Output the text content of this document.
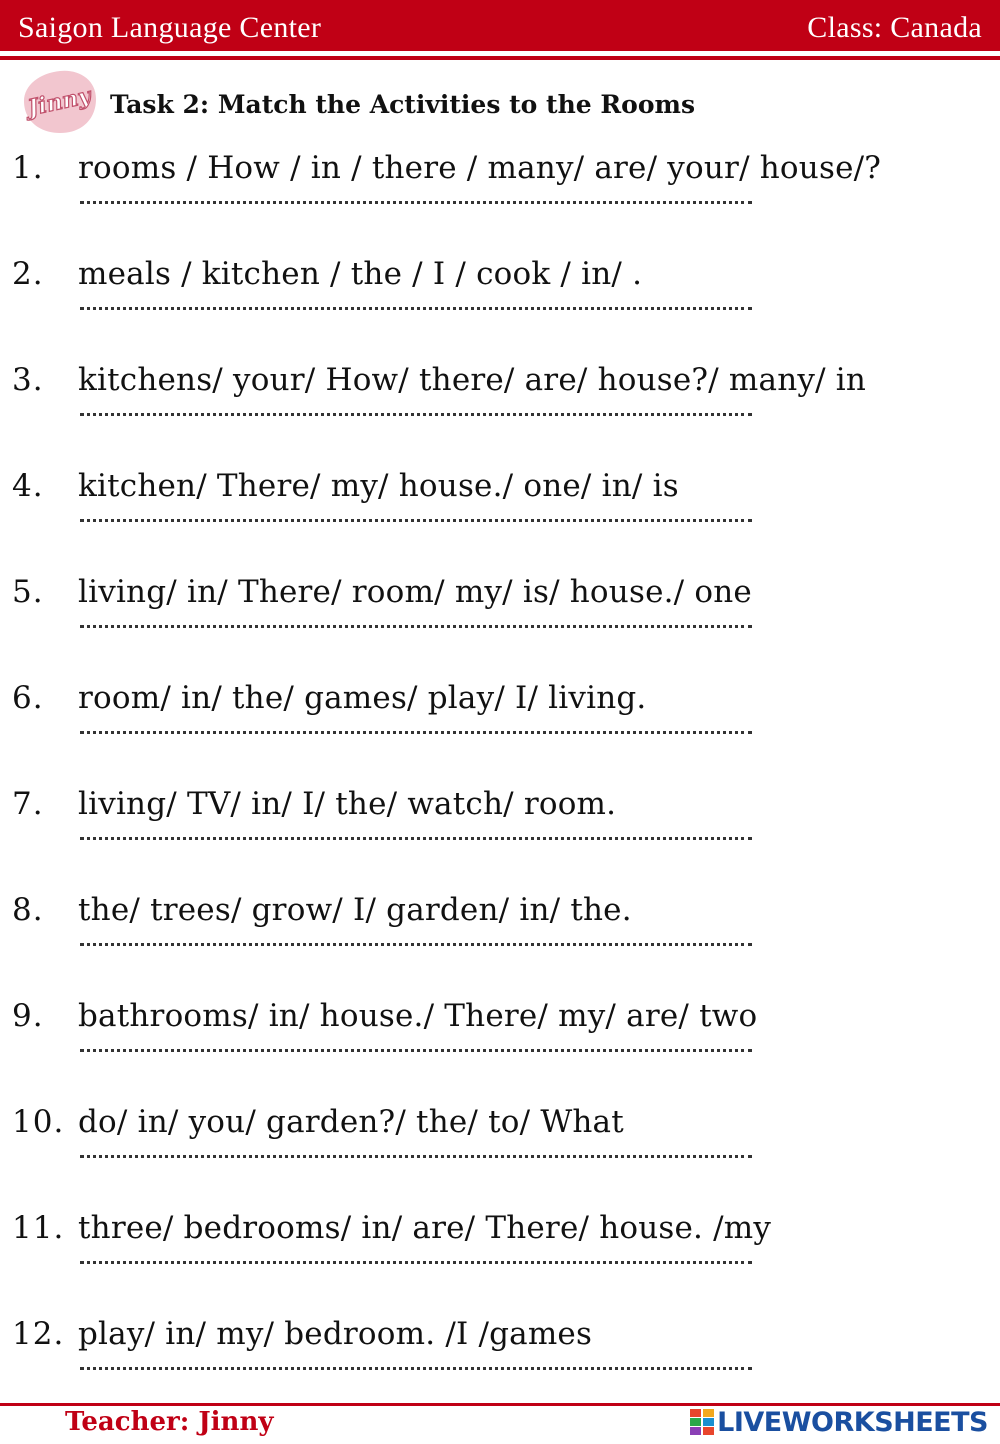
Saigon Language Center	Class: Canada
Jinny Task 2: Match the Activities to the Rooms
1. rooms / How / in / there / many/ are/ your/ house/?
2. meals / kitchen / the / I / cook / in/ .
3. kitchens/ your/ How/ there/ are/ house?/ many/ in
4. kitchen/ There/ my/ house./ one/ in/ is
5. living/ in/ There/ room/ my/ is/ house./ one
6. room/ in/ the/ games/ play/ I/ living.
7. living/ TV/ in/ I/ the/ watch/ room.
8. the/ trees/ grow/ I/ garden/ in/ the.
9. bathrooms/ in/ house./ There/ my/ are/ two
10. do/ in/ you/ garden?/ the/ to/ What
11. three/ bedrooms/ in/ are/ There/ house. /my
12. play/ in/ my/ bedroom. /I /games
Teacher: Jinny	LIVEWORKSHEETS
